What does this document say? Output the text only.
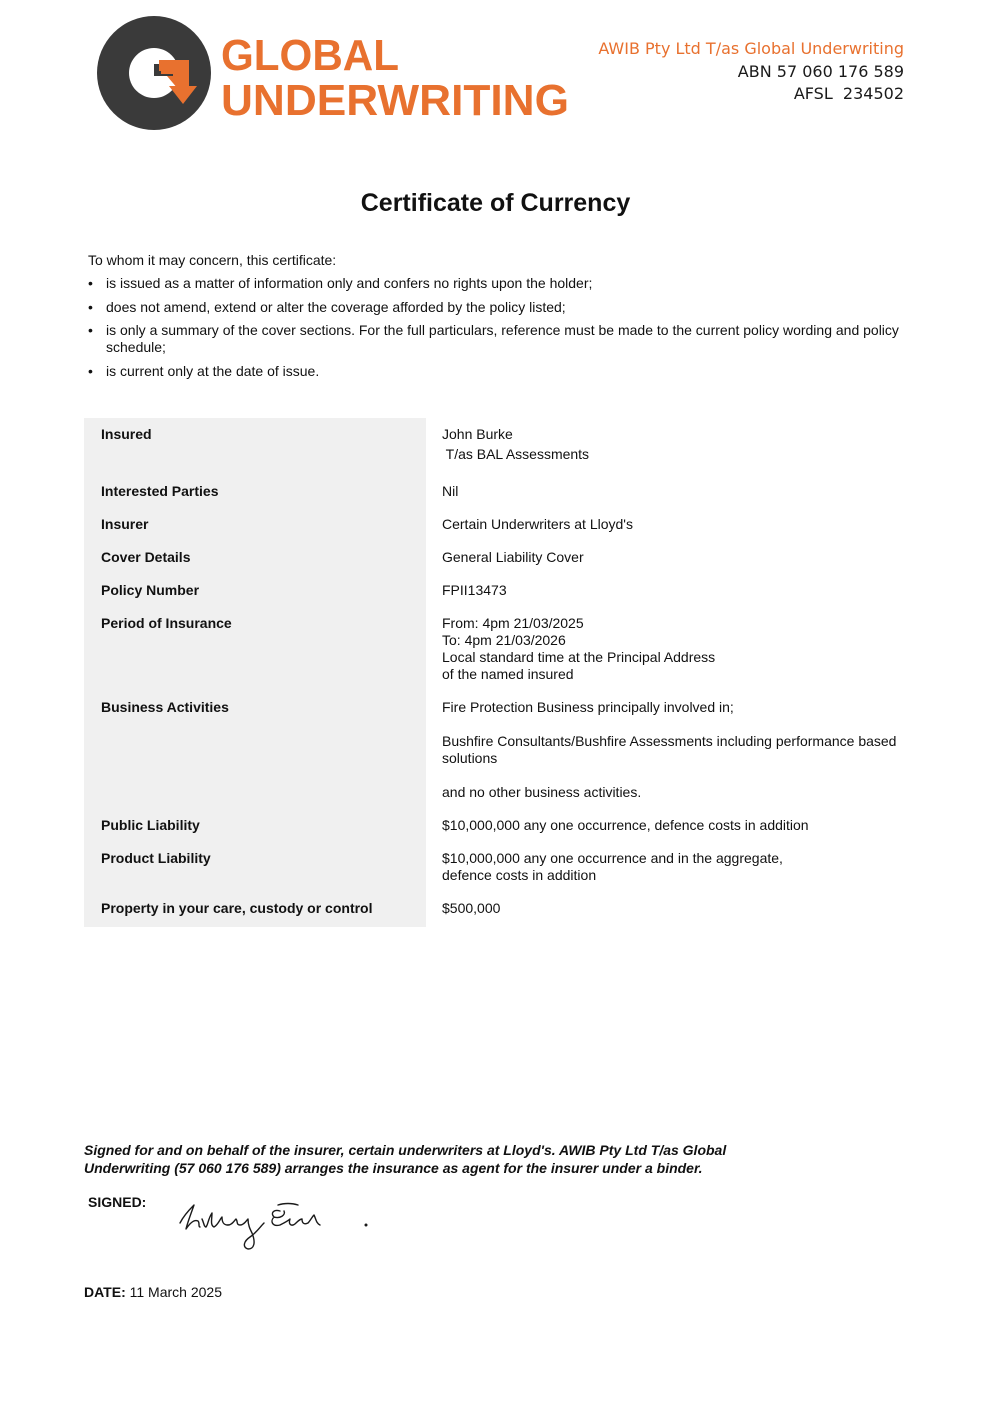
GLOBAL
UNDERWRITING
AWIB Pty Ltd T/as Global Underwriting
ABN 57 060 176 589
AFSL  234502
Certificate of Currency
To whom it may concern, this certificate:
• is issued as a matter of information only and confers no rights upon the holder;
• does not amend, extend or alter the coverage afforded by the policy listed;
• is only a summary of the cover sections. For the full particulars, reference must be made to the current policy wording and policy schedule;
• is current only at the date of issue.
Insured	John Burke
T/as BAL Assessments

Interested Parties	Nil
Insurer	Certain Underwriters at Lloyd's
Cover Details	General Liability Cover
Policy Number	FPII13473
Period of Insurance	From: 4pm 21/03/2025
To: 4pm 21/03/2026
Local standard time at the Principal Address
of the named insured

Business Activities	Fire Protection Business principally involved in;
Bushfire Consultants/Bushfire Assessments including performance based solutions
and no other business activities.

Public Liability	$10,000,000 any one occurrence, defence costs in addition
Product Liability	$10,000,000 any one occurrence and in the aggregate,
defence costs in addition

Property in your care, custody or control	$500,000
Signed for and on behalf of the insurer, certain underwriters at Lloyd's. AWIB Pty Ltd T/as Global Underwriting (57 060 176 589) arranges the insurance as agent for the insurer under a binder.
SIGNED:
DATE: 11 March 2025
